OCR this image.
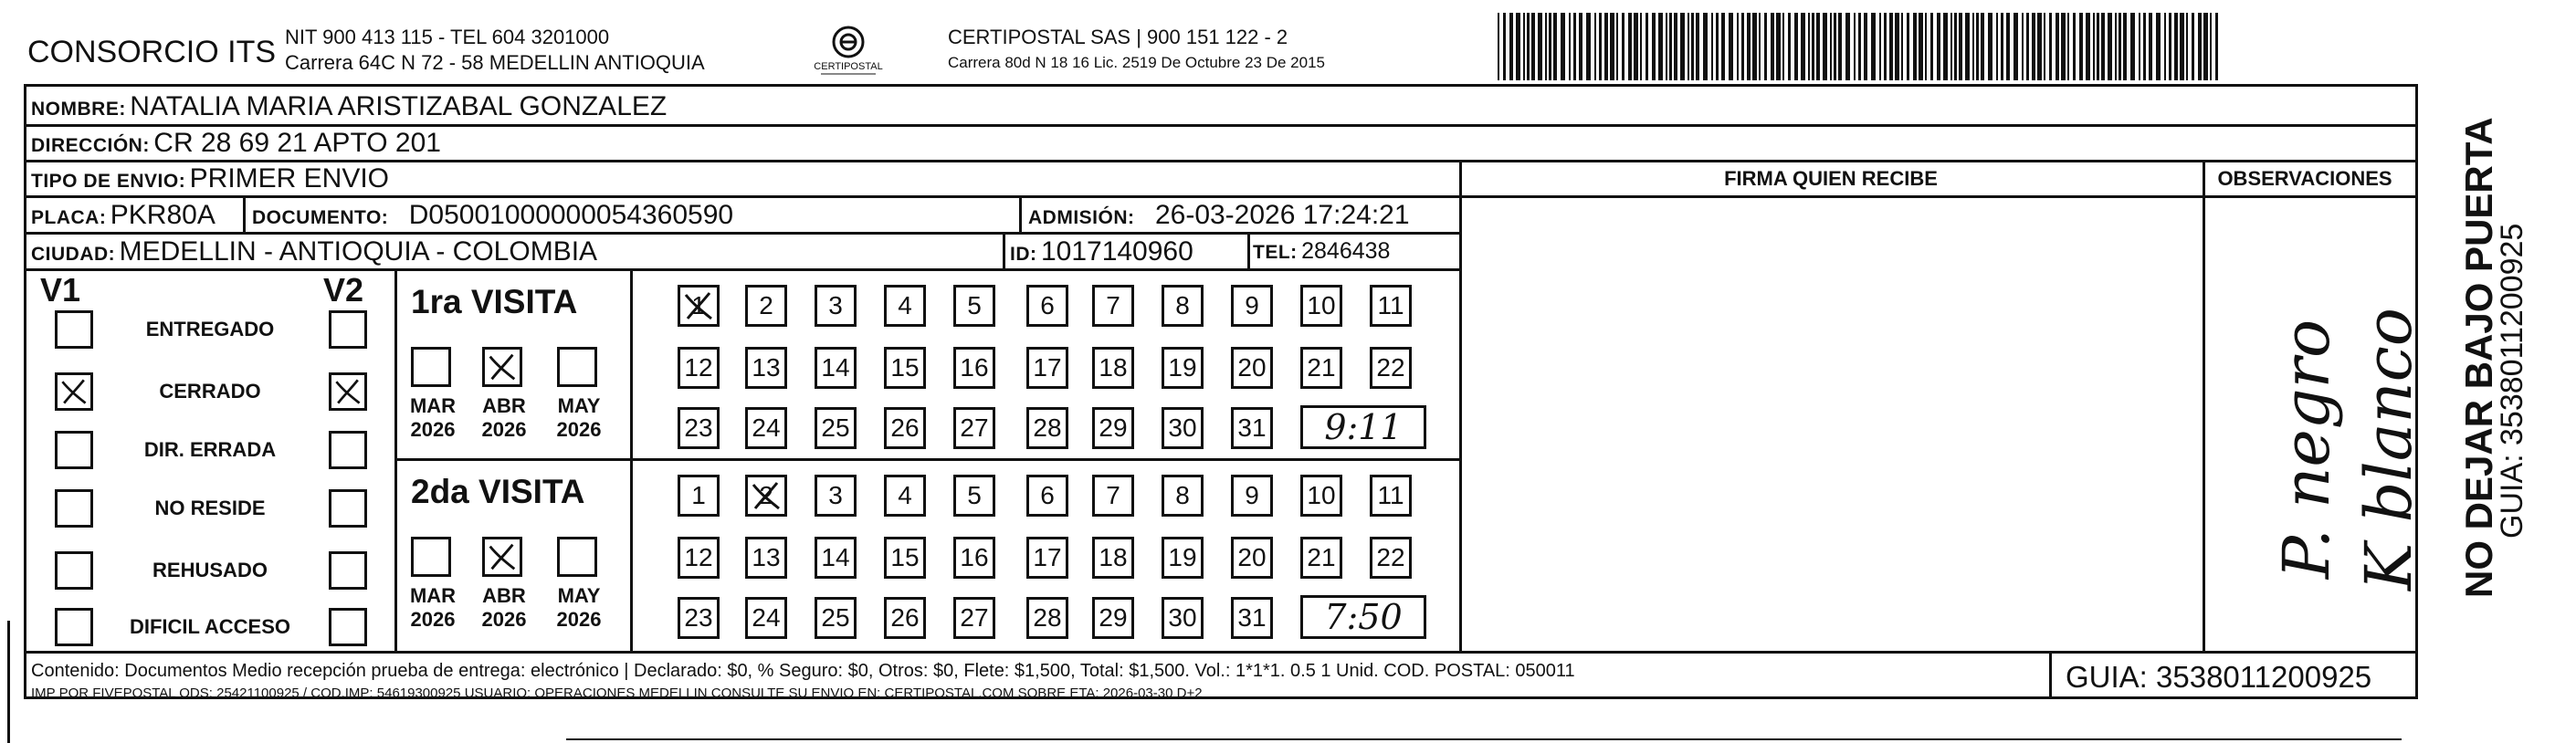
CONSORCIO ITS NIT 900 413 115 - TEL 604 3201000
Carrera 64C N 72 - 58 MEDELLIN ANTIOQUIA	CERTIPOSTAL
CERTIPOSTAL SAS | 900 151 122 - 2
Carrera 80d N 18 16 Lic. 2519 De Octubre 23 De 2015
NOMBRE: NATALIA MARIA ARISTIZABAL GONZALEZ
DIRECCIÓN: CR 28 69 21 APTO 201
TIPO DE ENVIO: PRIMER ENVIO
PLACA: PKR80A DOCUMENTO: D05001000000054360590	ADMISIÓN: 26-03-2026 17:24:21
CIUDAD: MEDELLIN - ANTIOQUIA - COLOMBIA	ID: 1017140960	TEL: 2846438
FIRMA QUIEN RECIBE	OBSERVACIONES
P. negro K blanco NO DEJAR BAJO PUERTA
GUIA: 3538011200925
V1	V2
ENTREGADO
CERRADO
DIR. ERRADA
NO RESIDE
REHUSADO
DIFICIL ACCESO
1ra VISITA
MAR
2026
ABR
2026
MAY
2026
1 2 3 4 5 6 7 8 9 10 11
12 13 14 15 16 17 18 19 20 21 22
23 24 25 26 27 28 29 30 31 9:11
2da VISITA
MAR
2026
ABR
2026
MAY
2026
1 2 3 4 5 6 7 8 9 10 11
12 13 14 15 16 17 18 19 20 21 22
23 24 25 26 27 28 29 30 31 7:50
Contenido: Documentos Medio recepción prueba de entrega: electrónico | Declarado: $0, % Seguro: $0, Otros: $0, Flete: $1,500, Total: $1,500. Vol.: 1*1*1. 0.5 1 Unid. COD. POSTAL: 050011
IMP POR FIVEPOSTAL ODS: 25421100925 / COD.IMP: 54619300925 USUARIO: OPERACIONES MEDELLIN CONSULTE SU ENVIO EN: CERTIPOSTAL.COM SOBRE ETA: 2026-03-30 D+2	GUIA: 3538011200925
